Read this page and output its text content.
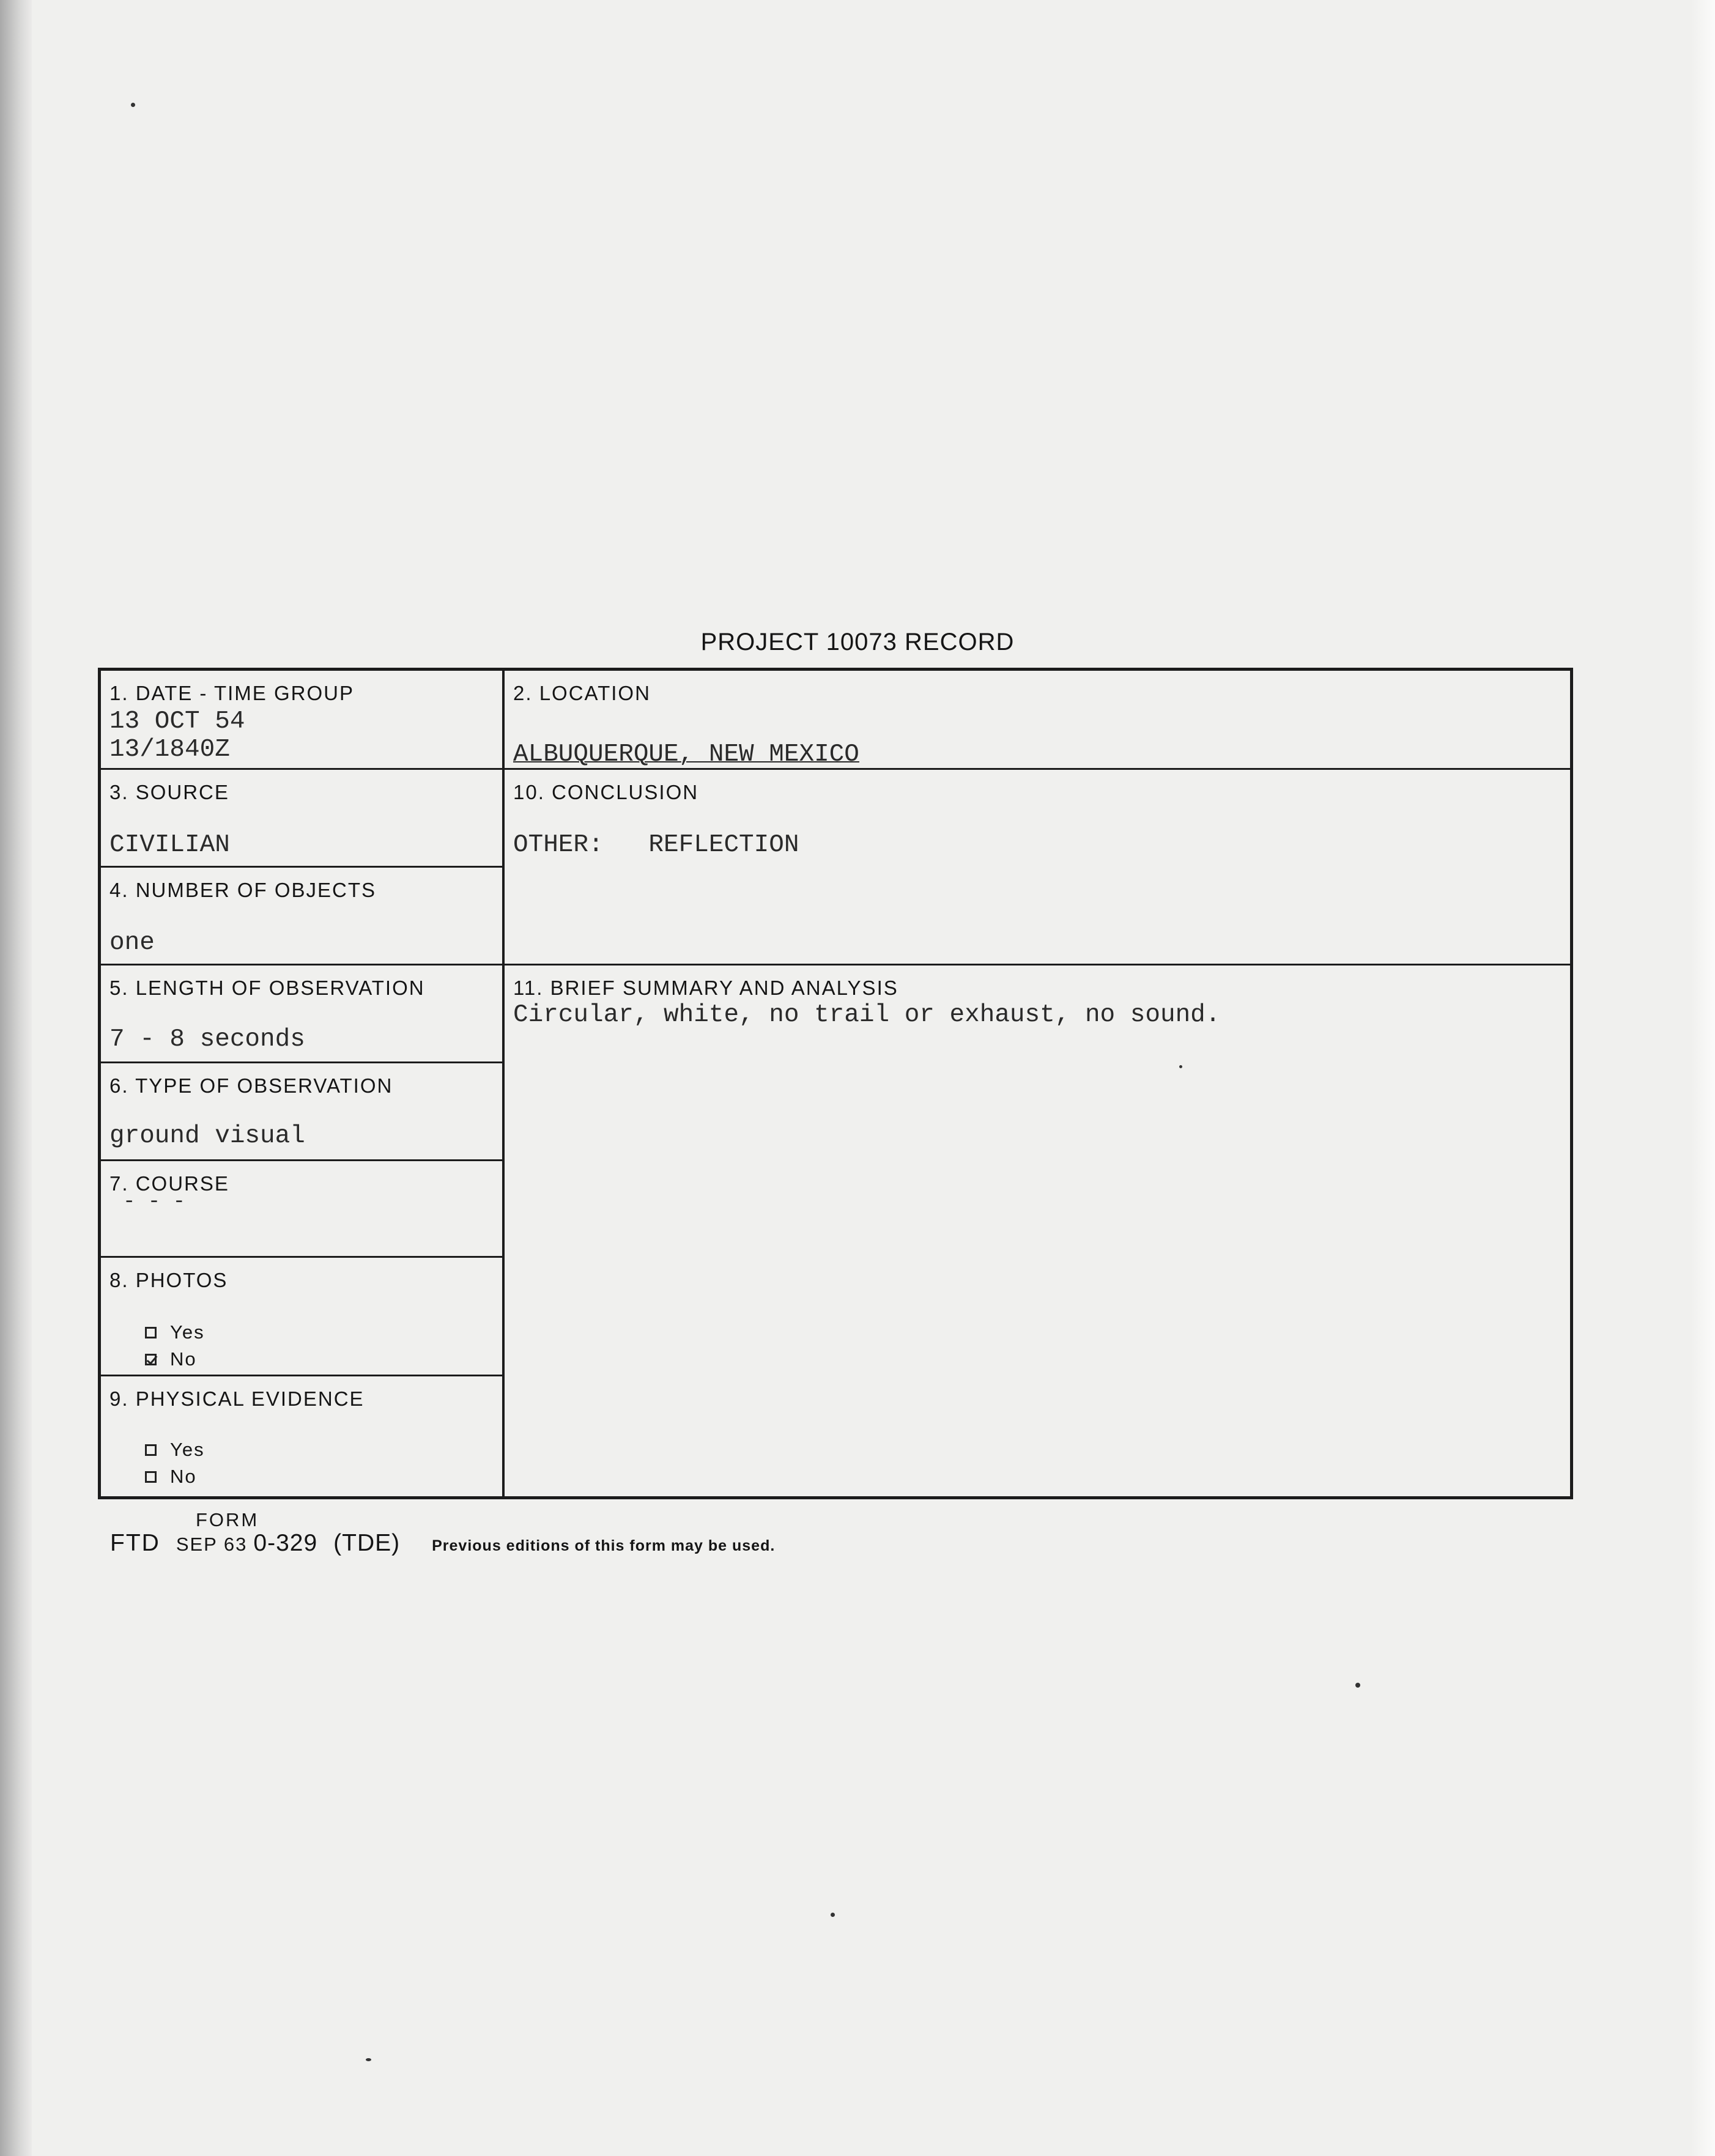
PROJECT 10073 RECORD
1. DATE - TIME GROUP
13 OCT 54
13/1840Z
3. SOURCE
CIVILIAN
4. NUMBER OF OBJECTS
one
5. LENGTH OF OBSERVATION
7 - 8 seconds
6. TYPE OF OBSERVATION
ground visual
7. COURSE
- - -
8. PHOTOS
Yes
No
9. PHYSICAL EVIDENCE
Yes
No
2. LOCATION
ALBUQUERQUE, NEW MEXICO
10. CONCLUSION
OTHER:   REFLECTION
11. BRIEF SUMMARY AND ANALYSIS
Circular, white, no trail or exhaust, no sound.
FORM
FTD SEP 63 0-329 (TDE) Previous editions of this form may be used.
